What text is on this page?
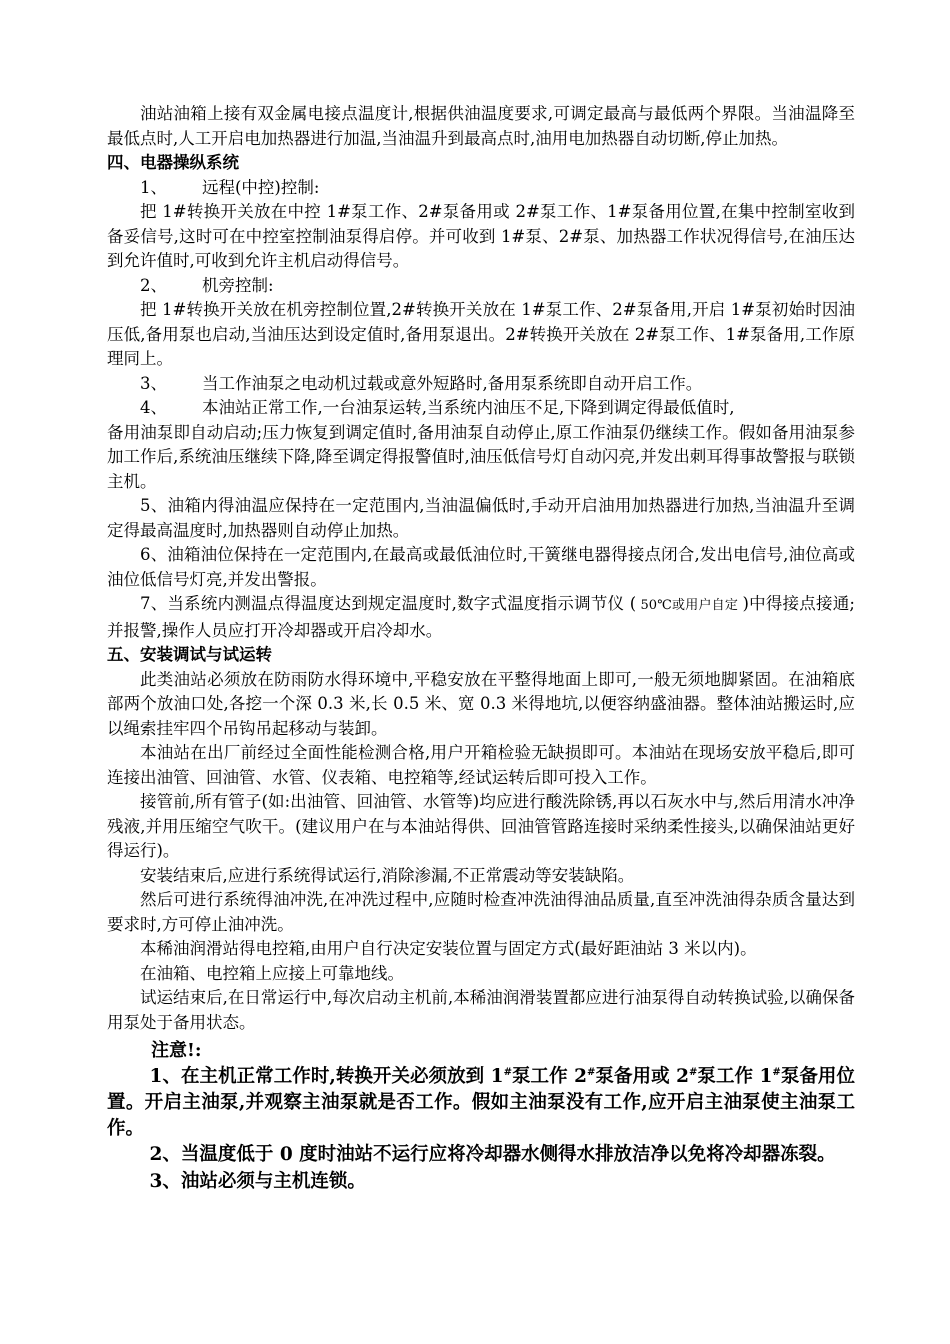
油站油箱上接有双金属电接点温度计,根据供油温度要求,可调定最高与最低两个界限。当油温降至最低点时,人工开启电加热器进行加温,当油温升到最高点时,油用电加热器自动切断,停止加热。

四、电器操纵系统

1、 远程(中控)控制:

把 1#转换开关放在中控 1#泵工作、2#泵备用或 2#泵工作、1#泵备用位置,在集中控制室收到备妥信号,这时可在中控室控制油泵得启停。并可收到 1#泵、2#泵、加热器工作状况得信号,在油压达到允许值时,可收到允许主机启动得信号。

2、 机旁控制:

把 1#转换开关放在机旁控制位置,2#转换开关放在 1#泵工作、2#泵备用,开启 1#泵初始时因油压低,备用泵也启动,当油压达到设定值时,备用泵退出。2#转换开关放在 2#泵工作、1#泵备用,工作原理同上。

3、 当工作油泵之电动机过载或意外短路时,备用泵系统即自动开启工作。

4、 本油站正常工作,一台油泵运转,当系统内油压不足,下降到调定得最低值时,

备用油泵即自动启动;压力恢复到调定值时,备用油泵自动停止,原工作油泵仍继续工作。假如备用油泵参加工作后,系统油压继续下降,降至调定得报警值时,油压低信号灯自动闪亮,并发出刺耳得事故警报与联锁主机。

5、油箱内得油温应保持在一定范围内,当油温偏低时,手动开启油用加热器进行加热,当油温升至调定得最高温度时,加热器则自动停止加热。

6、油箱油位保持在一定范围内,在最高或最低油位时,干簧继电器得接点闭合,发出电信号,油位高或油位低信号灯亮,并发出警报。

7、当系统内测温点得温度达到规定温度时,数字式温度指示调节仪 ( 50℃或用户自定 )中得接点接通;并报警,操作人员应打开冷却器或开启冷却水。

五、安装调试与试运转

此类油站必须放在防雨防水得环境中,平稳安放在平整得地面上即可,一般无须地脚紧固。在油箱底部两个放油口处,各挖一个深 0.3 米,长 0.5 米、宽 0.3 米得地坑,以便容纳盛油器。整体油站搬运时,应以绳索挂牢四个吊钩吊起移动与装卸。

本油站在出厂前经过全面性能检测合格,用户开箱检验无缺损即可。本油站在现场安放平稳后,即可连接出油管、回油管、水管、仪表箱、电控箱等,经试运转后即可投入工作。

接管前,所有管子(如:出油管、回油管、水管等)均应进行酸洗除锈,再以石灰水中与,然后用清水冲净残液,并用压缩空气吹干。(建议用户在与本油站得供、回油管管路连接时采纳柔性接头,以确保油站更好得运行)。

安装结束后,应进行系统得试运行,消除渗漏,不正常震动等安装缺陷。

然后可进行系统得油冲洗,在冲洗过程中,应随时检查冲洗油得油品质量,直至冲洗油得杂质含量达到要求时,方可停止油冲洗。

本稀油润滑站得电控箱,由用户自行决定安装位置与固定方式(最好距油站 3 米以内)。

在油箱、电控箱上应接上可靠地线。

试运结束后,在日常运行中,每次启动主机前,本稀油润滑装置都应进行油泵得自动转换试验,以确保备用泵处于备用状态。

注意!:

1、在主机正常工作时,转换开关必须放到 1#泵工作 2#泵备用或 2#泵工作 1#泵备用位置。开启主油泵,并观察主油泵就是否工作。假如主油泵没有工作,应开启主油泵使主油泵工作。

2、当温度低于 0 度时油站不运行应将冷却器水侧得水排放洁净以免将冷却器冻裂。

3、油站必须与主机连锁。
